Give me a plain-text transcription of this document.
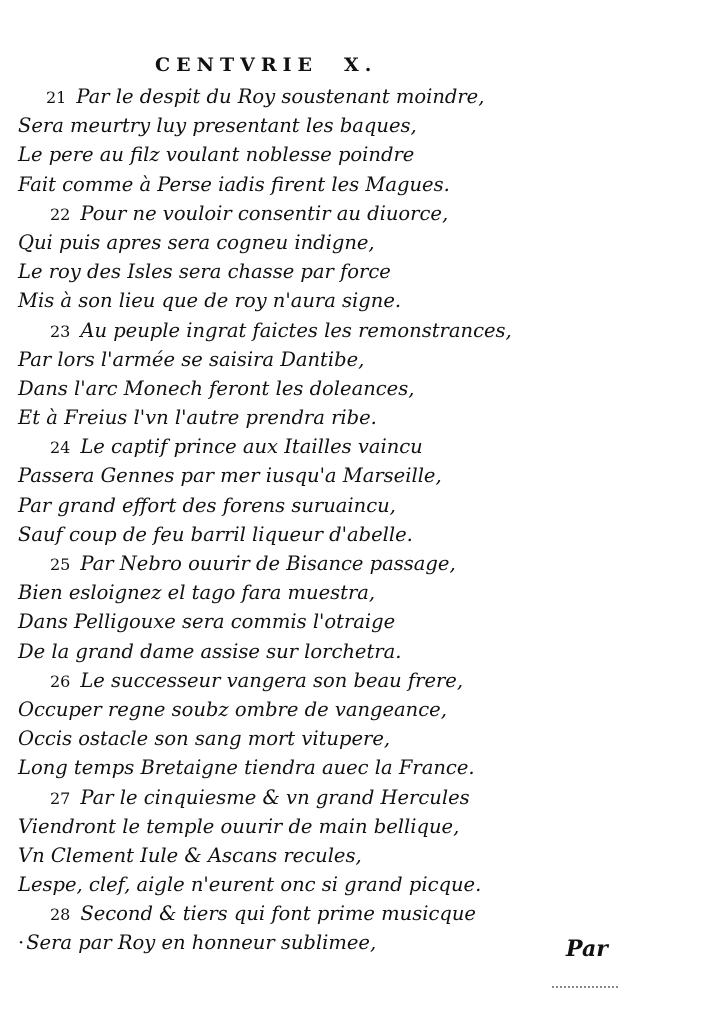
CENTVRIE X.
21 Par le despit du Roy soustenant moindre,
Sera meurtry luy presentant les baques,
Le pere au filz voulant noblesse poindre
Fait comme à Perse iadis firent les Magues.
22 Pour ne vouloir consentir au diuorce,
Qui puis apres sera cogneu indigne,
Le roy des Isles sera chasse par force
Mis à son lieu que de roy n'aura signe.
23 Au peuple ingrat faictes les remonstrances,
Par lors l'armée se saisira Dantibe,
Dans l'arc Monech feront les doleances,
Et à Freius l'vn l'autre prendra ribe.
24 Le captif prince aux Itailles vaincu
Passera Gennes par mer iusqu'a Marseille,
Par grand effort des forens suruaincu,
Sauf coup de feu barril liqueur d'abelle.
25 Par Nebro ouurir de Bisance passage,
Bien esloignez el tago fara muestra,
Dans Pelligouxe sera commis l'otraige
De la grand dame assise sur lorchetra.
26 Le successeur vangera son beau frere,
Occuper regne soubz ombre de vangeance,
Occis ostacle son sang mort vitupere,
Long temps Bretaigne tiendra auec la France.
27 Par le cinquiesme & vn grand Hercules
Viendront le temple ouurir de main bellique,
Vn Clement Iule & Ascans recules,
Lespe, clef, aigle n'eurent onc si grand picque.
28 Second & tiers qui font prime musicque
· Sera par Roy en honneur sublimee,	Par
